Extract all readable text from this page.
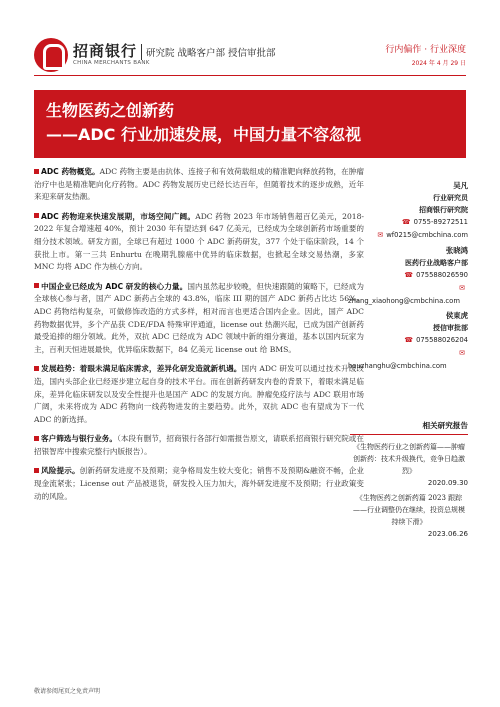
招商银行
CHINA MERCHANTS BANK
研究院 战略客户部 授信审批部	行内偏作 · 行业深度
2024 年 4 月 29 日
生物医药之创新药
——ADC 行业加速发展，中国力量不容忽视

ADC 药物概览。ADC 药物主要是由抗体、连接子和有效荷载组成的精准靶向释放药物，在肿瘤治疗中也是精准靶向化疗药物。ADC 药物发展历史已经长达百年，但随着技术的逐步成熟，近年来迎来研发热潮。

ADC 药物迎来快速发展期，市场空间广阔。ADC 药物 2023 年市场销售超百亿美元，2018-2022 年复合增速超 40%，预计 2030 年有望达到 647 亿美元，已经成为全球创新药市场重要的细分技术领域。研发方面，全球已有超过 1000 个 ADC 新药研发，377 个处于临床阶段，14 个获批上市。第一三共 Enhurtu 在晚期乳腺癌中优异的临床数据，也掀起全球交易热潮，多家 MNC 均将 ADC 作为核心方向。

中国企业已经成为 ADC 研发的核心力量。国内虽然起步较晚，但快速跟随的策略下，已经成为全球核心参与者，国产 ADC 新药占全球的 43.8%，临床 III 期的国产 ADC 新药占比达 56%。ADC 药物结构复杂，可做修饰改造的方式多样，相对而言也更适合国内企业。因此，国产 ADC 药物数据优异，多个产品获 CDE/FDA 特殊审评通道，license out 热潮兴起，已成为国产创新药最受追捧的细分领域。此外，双抗 ADC 已经成为 ADC 领域中新的细分赛道，基本以国内玩家为主，百利天恒进展最快，优异临床数据下，84 亿美元 license out 给 BMS。

发展趋势：着眼未满足临床需求，差异化研发造就新机遇。国内 ADC 研发可以通过技术升级改造，国内头部企业已经逐步建立起自身的技术平台。而在创新药研发内卷的背景下，着眼未满足临床，差异化临床研发以及安全性提升也是国产 ADC 的发展方向。肿瘤免疫疗法与 ADC 联用市场广阔，未来将成为 ADC 药物向一线药物进发的主要趋势。此外，双抗 ADC 也有望成为下一代 ADC 的新选择。

客户筛选与银行业务。（本段有删节，招商银行各部行如需报告原文，请联系招商银行研究院或在招银智库中搜索完整行内版报告）。

风险提示。创新药研发进度不及预期；竞争格局发生较大变化；销售不及预期&融资不畅，企业现金流紧张；License out 产品被退货，研发投入压力加大，海外研发进度不及预期；行业政策变动的风险。

吴凡
行业研究员
招商银行研究院
☎ 0755-89272511
✉ wf0215@cmbchina.com
张晓鸿
医药行业战略客户部
☎ 075588026590
✉
zhang_xiaohong@cmbchina.com
侯東虎
授信审批部
☎ 075588026204
✉
houzhanghu@cmbchina.com
相关研究报告
《生物医药行业之创新药篇——肿瘤创新药：技术升级换代，竞争日趋激烈》
2020.09.30
《生物医药之创新药篇 2023 跟踪——行业调整仍在继续，投资总规模持续下滑》
2023.06.26
敬请参阅尾页之免责声明
